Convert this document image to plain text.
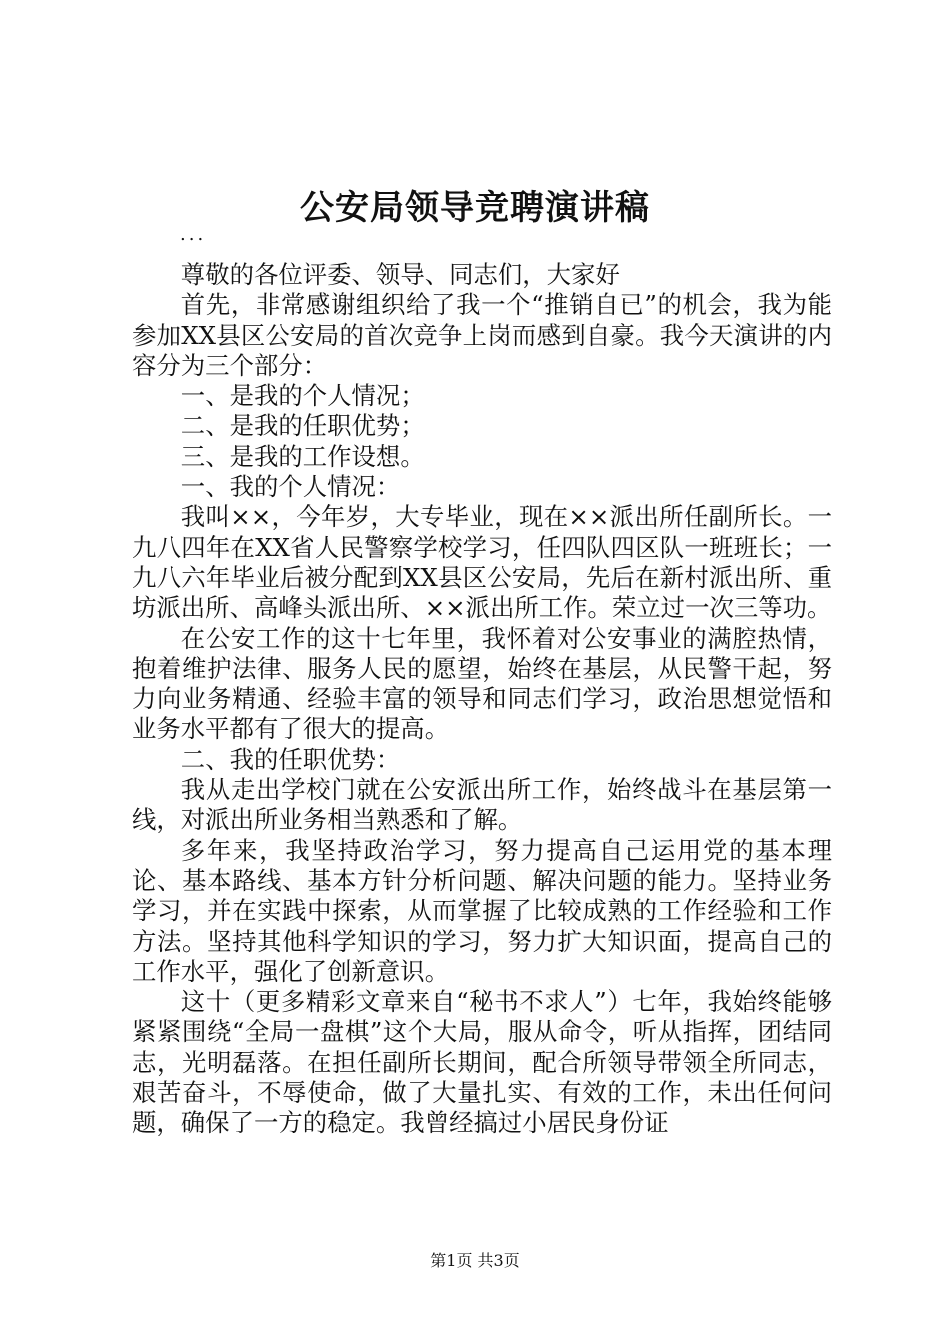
公安局领导竞聘演讲稿
...

尊敬的各位评委、领导、同志们，大家好

首先，非常感谢组织给了我一个“推销自已”的机会，我为能参加XX县区公安局的首次竞争上岗而感到自豪。我今天演讲的内容分为三个部分：

一、是我的个人情况；

二、是我的任职优势；

三、是我的工作设想。

一、我的个人情况：

我叫××，今年岁，大专毕业，现在××派出所任副所长。一九八四年在XX省人民警察学校学习，任四队四区队一班班长；一九八六年毕业后被分配到XX县区公安局，先后在新村派出所、重坊派出所、高峰头派出所、××派出所工作。荣立过一次三等功。

在公安工作的这十七年里，我怀着对公安事业的满腔热情，抱着维护法律、服务人民的愿望，始终在基层，从民警干起，努力向业务精通、经验丰富的领导和同志们学习，政治思想觉悟和业务水平都有了很大的提高。

二、我的任职优势：

我从走出学校门就在公安派出所工作，始终战斗在基层第一线，对派出所业务相当熟悉和了解。

多年来，我坚持政治学习，努力提高自己运用党的基本理论、基本路线、基本方针分析问题、解决问题的能力。坚持业务学习，并在实践中探索，从而掌握了比较成熟的工作经验和工作方法。坚持其他科学知识的学习，努力扩大知识面，提高自己的工作水平，强化了创新意识。

这十（更多精彩文章来自“秘书不求人”）七年，我始终能够紧紧围绕“全局一盘棋”这个大局，服从命令，听从指挥，团结同志，光明磊落。在担任副所长期间，配合所领导带领全所同志，艰苦奋斗，不辱使命，做了大量扎实、有效的工作，未出任何问题，确保了一方的稳定。我曾经搞过小居民身份证

第1页 共3页
